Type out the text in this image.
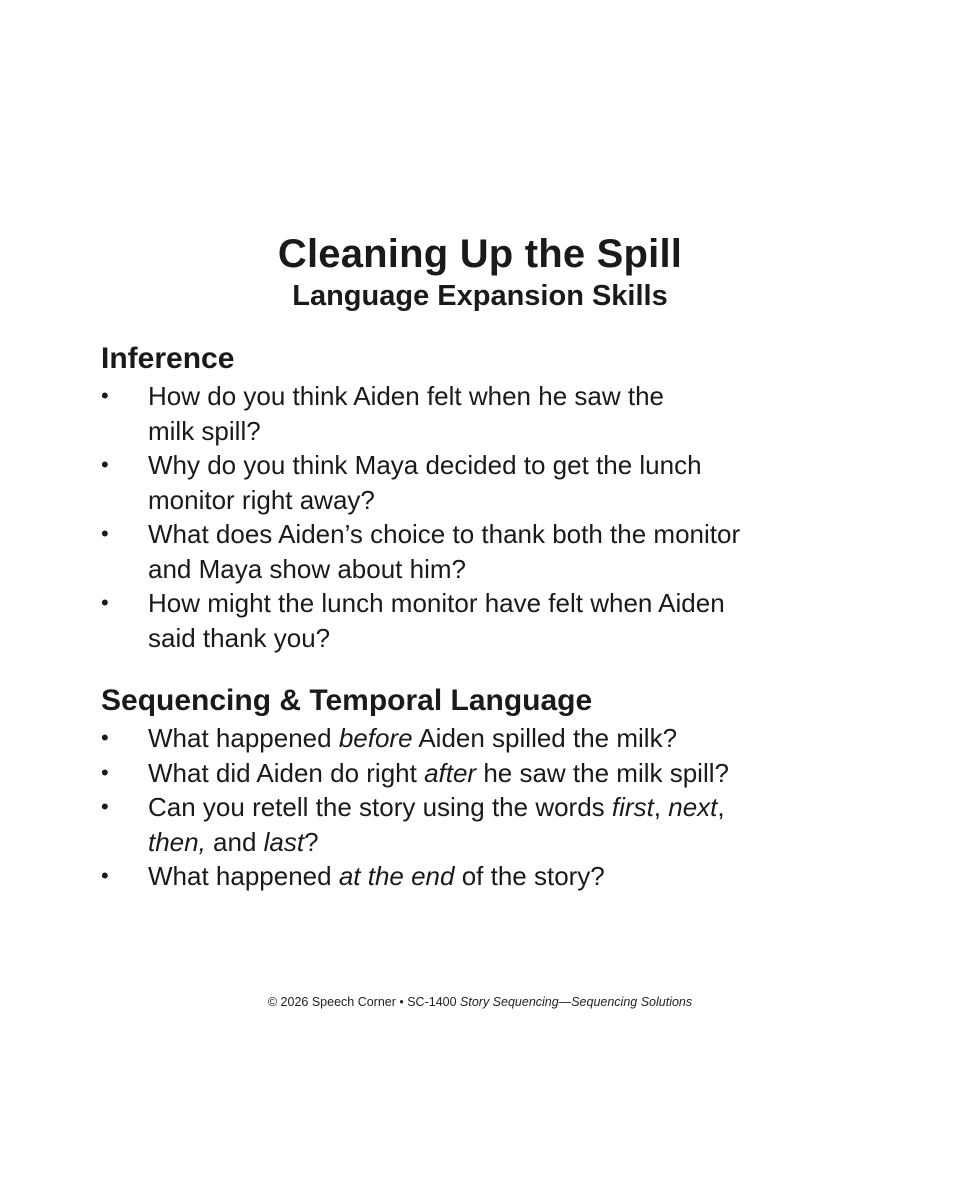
Cleaning Up the Spill
Language Expansion Skills
Inference
• How do you think Aiden felt when he saw the
milk spill?
• Why do you think Maya decided to get the lunch
monitor right away?
• What does Aiden’s choice to thank both the monitor
and Maya show about him?
• How might the lunch monitor have felt when Aiden
said thank you?
Sequencing & Temporal Language
• What happened before Aiden spilled the milk?
• What did Aiden do right after he saw the milk spill?
• Can you retell the story using the words first, next,
then, and last?
• What happened at the end of the story?
© 2026 Speech Corner • SC-1400 Story Sequencing—Sequencing Solutions
